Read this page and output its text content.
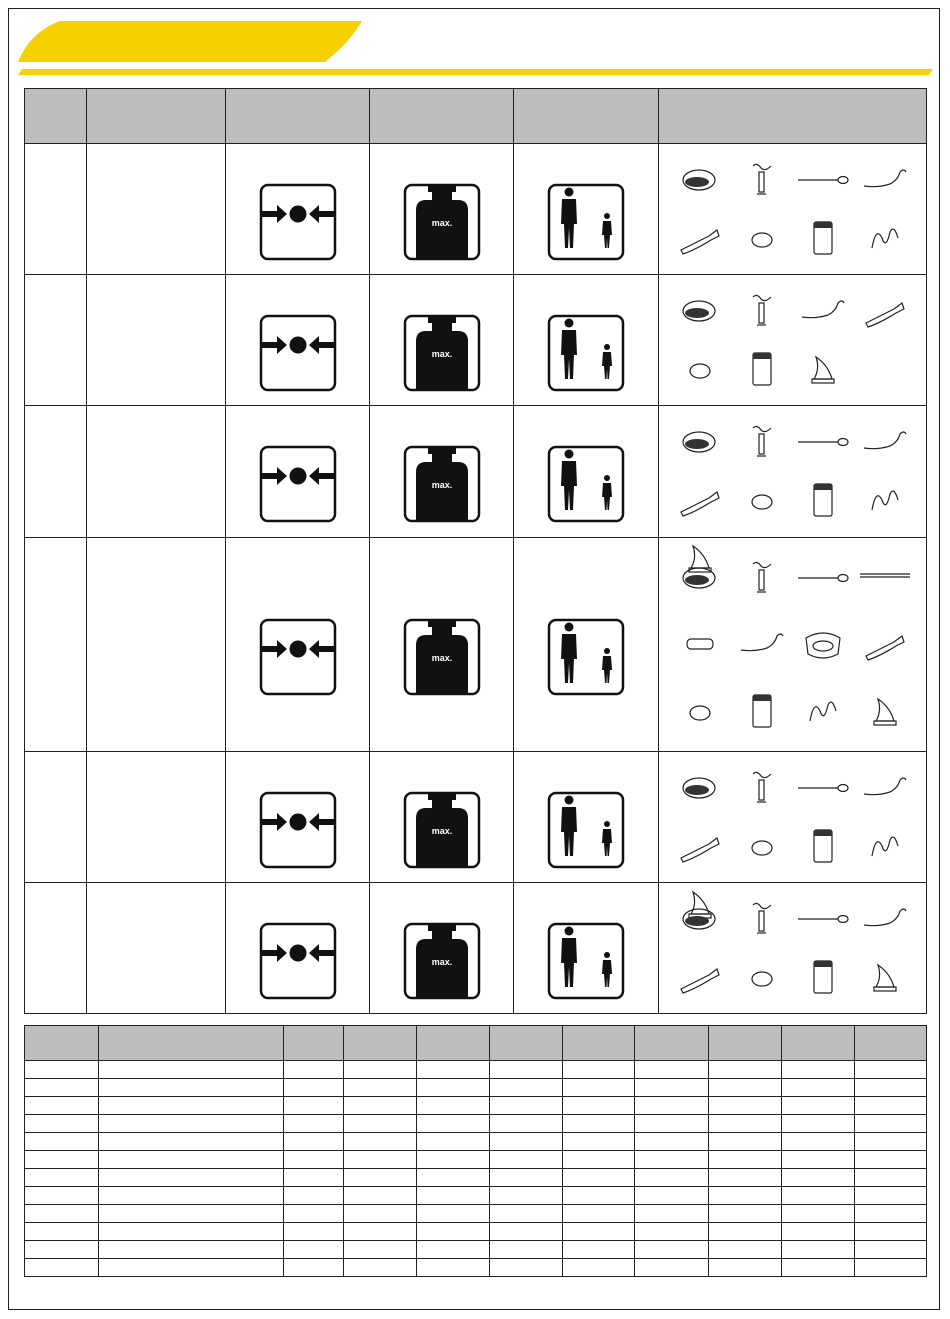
max.

max.

max.

max.

max.

max.
